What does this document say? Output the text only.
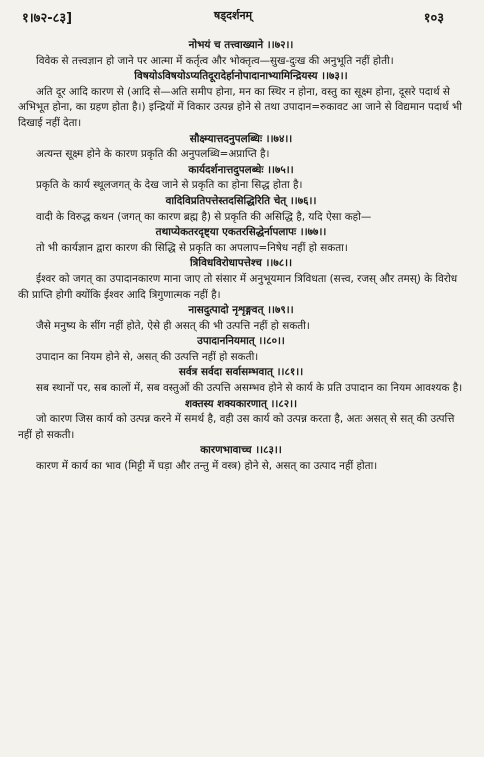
१।७२-८३]	षड्‌दर्शनम्	१०३
नोभयं च तत्त्वाख्याने ।।७२।।
विवेक से तत्त्वज्ञान हो जाने पर आत्मा में कर्तृत्व और भोक्तृत्व—सुख-दुःख की अनुभूति नहीं होती।
विषयोऽविषयोऽप्यतिदूरादेर्हानोपादानाभ्यामिन्द्रियस्य ।।७३।।
अति दूर आदि कारण से (आदि से—अति समीप होना, मन का स्थिर न होना, वस्तु का सूक्ष्म होना, दूसरे पदार्थ से अभिभूत होना, का ग्रहण होता है।) इन्द्रियों में विकार उत्पन्न होने से तथा उपादान=रुकावट आ जाने से विद्यमान पदार्थ भी दिखाई नहीं देता।
सौक्ष्म्यात्तदनुपलब्धिः ।।७४।।
अत्यन्त सूक्ष्म होने के कारण प्रकृति की अनुपलब्धि=अप्राप्ति है।
कार्यदर्शनात्तदुपलब्धेः ।।७५।।
प्रकृति के कार्य स्थूलजगत् के देख जाने से प्रकृति का होना सिद्ध होता है।
वादिविप्रतिपत्तेस्तदसिद्धिरिति चेत् ।।७६।।
वादी के विरुद्ध कथन (जगत् का कारण ब्रह्म है) से प्रकृति की असिद्धि है, यदि ऐसा कहो—
तथाप्येकतरदृष्ट्या एकतरसिद्धेर्नापलापः ।।७७।।
तो भी कार्यज्ञान द्वारा कारण की सिद्धि से प्रकृति का अपलाप=निषेध नहीं हो सकता।
त्रिविधविरोधापत्तेश्च ।।७८।।
ईश्वर को जगत् का उपादानकारण माना जाए तो संसार में अनुभूयमान त्रिविधता (सत्त्व, रजस् और तमस्) के विरोध की प्राप्ति होगी क्योंकि ईश्वर आदि त्रिगुणात्मक नहीं है।
नासदुत्पादो नृशृङ्गवत् ।।७९।।
जैसे मनुष्य के सींग नहीं होते, ऐसे ही असत् की भी उत्पत्ति नहीं हो सकती।
उपादाननियमात् ।।८०।।
उपादान का नियम होने से, असत् की उत्पत्ति नहीं हो सकती।
सर्वत्र सर्वदा सर्वासम्भवात् ।।८१।।
सब स्थानों पर, सब कालों में, सब वस्तुओं की उत्पत्ति असम्भव होने से कार्य के प्रति उपादान का नियम आवश्यक है।
शक्तस्य शक्यकारणात् ।।८२।।
जो कारण जिस कार्य को उत्पन्न करने में समर्थ है, वही उस कार्य को उत्पन्न करता है, अतः असत् से सत् की उत्पत्ति नहीं हो सकती।
कारणभावाच्च ।।८३।।
कारण में कार्य का भाव (मिट्टी में घड़ा और तन्तु में वस्त्र) होने से, असत् का उत्पाद नहीं होता।
